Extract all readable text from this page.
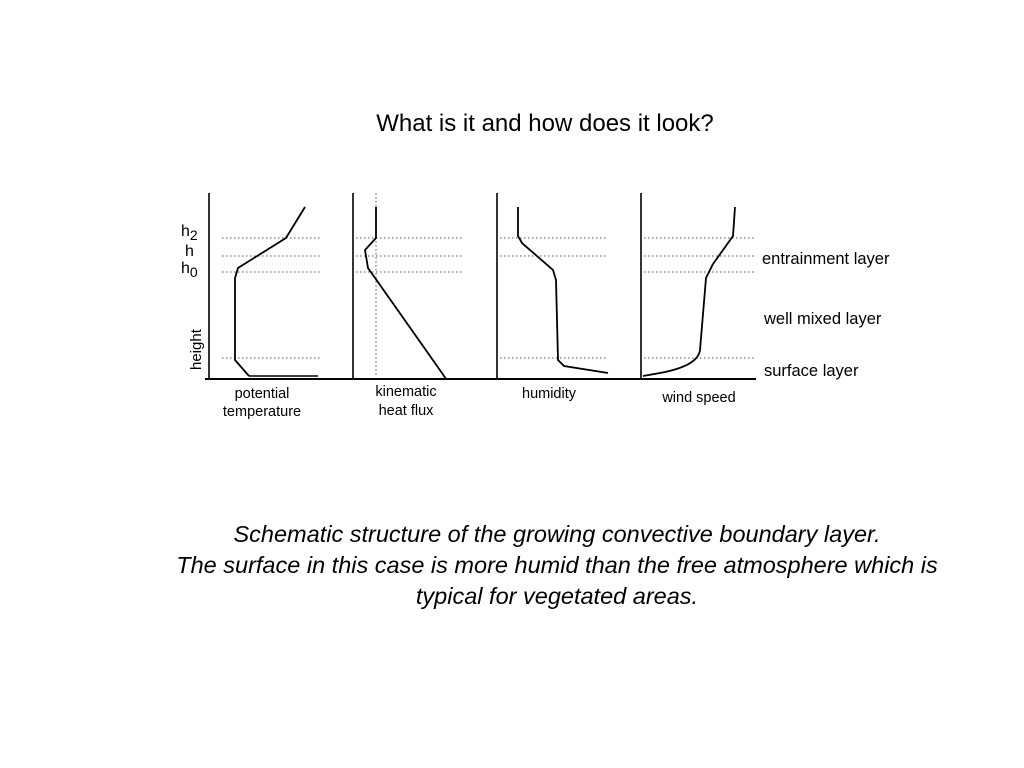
What is it and how does it look?
h2
h
h0
height
potential
temperature
kinematic
heat flux
humidity	wind speed
entrainment layer
well mixed layer
surface layer
Schematic structure of the growing convective boundary layer.
The surface in this case is more humid than the free atmosphere which is
typical for vegetated areas.
